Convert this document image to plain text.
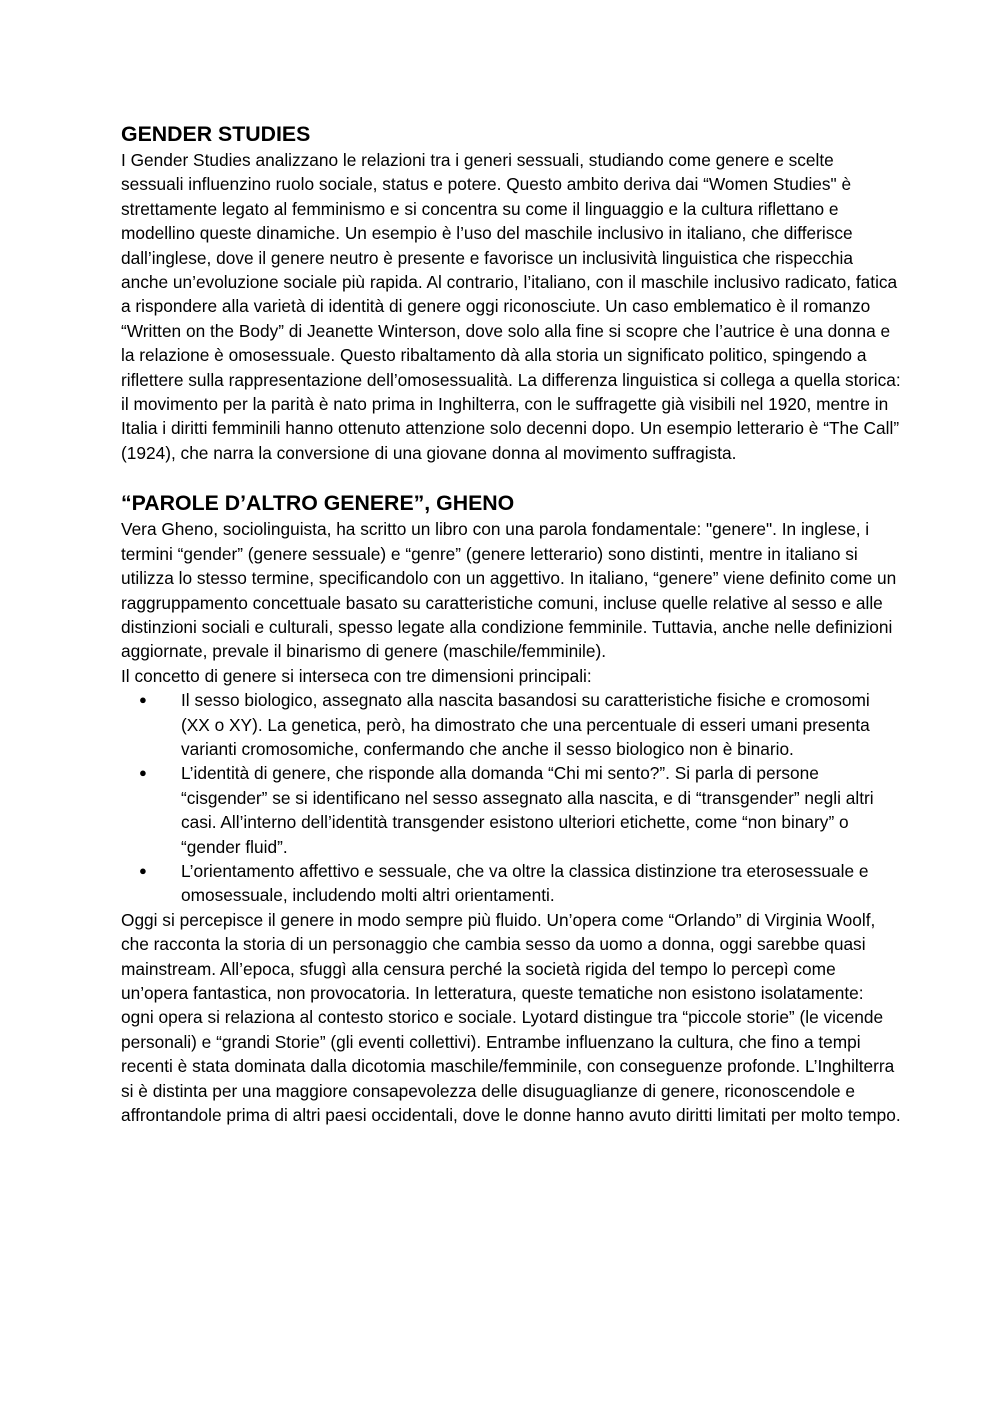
GENDER STUDIES

I Gender Studies analizzano le relazioni tra i generi sessuali, studiando come genere e scelte sessuali influenzino ruolo sociale, status e potere. Questo ambito deriva dai “Women Studies" è strettamente legato al femminismo e si concentra su come il linguaggio e la cultura riflettano e modellino queste dinamiche. Un esempio è l’uso del maschile inclusivo in italiano, che differisce dall’inglese, dove il genere neutro è presente e favorisce un inclusività linguistica che rispecchia anche un’evoluzione sociale più rapida. Al contrario, l’italiano, con il maschile inclusivo radicato, fatica a rispondere alla varietà di identità di genere oggi riconosciute. Un caso emblematico è il romanzo “Written on the Body” di Jeanette Winterson, dove solo alla fine si scopre che l’autrice è una donna e la relazione è omosessuale. Questo ribaltamento dà alla storia un significato politico, spingendo a riflettere sulla rappresentazione dell’omosessualità. La differenza linguistica si collega a quella storica: il movimento per la parità è nato prima in Inghilterra, con le suffragette già visibili nel 1920, mentre in Italia i diritti femminili hanno ottenuto attenzione solo decenni dopo. Un esempio letterario è “The Call” (1924), che narra la conversione di una giovane donna al movimento suffragista.

“PAROLE D’ALTRO GENERE”, GHENO

Vera Gheno, sociolinguista, ha scritto un libro con una parola fondamentale: "genere". In inglese, i termini “gender” (genere sessuale) e “genre” (genere letterario) sono distinti, mentre in italiano si utilizza lo stesso termine, specificandolo con un aggettivo. In italiano, “genere” viene definito come un raggruppamento concettuale basato su caratteristiche comuni, incluse quelle relative al sesso e alle distinzioni sociali e culturali, spesso legate alla condizione femminile. Tuttavia, anche nelle definizioni aggiornate, prevale il binarismo di genere (maschile/femminile).

Il concetto di genere si interseca con tre dimensioni principali:

● Il sesso biologico, assegnato alla nascita basandosi su caratteristiche fisiche e cromosomi (XX o XY). La genetica, però, ha dimostrato che una percentuale di esseri umani presenta varianti cromosomiche, confermando che anche il sesso biologico non è binario.
● L’identità di genere, che risponde alla domanda “Chi mi sento?”. Si parla di persone “cisgender” se si identificano nel sesso assegnato alla nascita, e di “transgender” negli altri casi. All’interno dell’identità transgender esistono ulteriori etichette, come “non binary” o “gender fluid”.
● L’orientamento affettivo e sessuale, che va oltre la classica distinzione tra eterosessuale e omosessuale, includendo molti altri orientamenti.

Oggi si percepisce il genere in modo sempre più fluido. Un’opera come “Orlando” di Virginia Woolf, che racconta la storia di un personaggio che cambia sesso da uomo a donna, oggi sarebbe quasi mainstream. All’epoca, sfuggì alla censura perché la società rigida del tempo lo percepì come un’opera fantastica, non provocatoria. In letteratura, queste tematiche non esistono isolatamente: ogni opera si relaziona al contesto storico e sociale. Lyotard distingue tra “piccole storie” (le vicende personali) e “grandi Storie” (gli eventi collettivi). Entrambe influenzano la cultura, che fino a tempi recenti è stata dominata dalla dicotomia maschile/femminile, con conseguenze profonde. L’Inghilterra si è distinta per una maggiore consapevolezza delle disuguaglianze di genere, riconoscendole e affrontandole prima di altri paesi occidentali, dove le donne hanno avuto diritti limitati per molto tempo.
